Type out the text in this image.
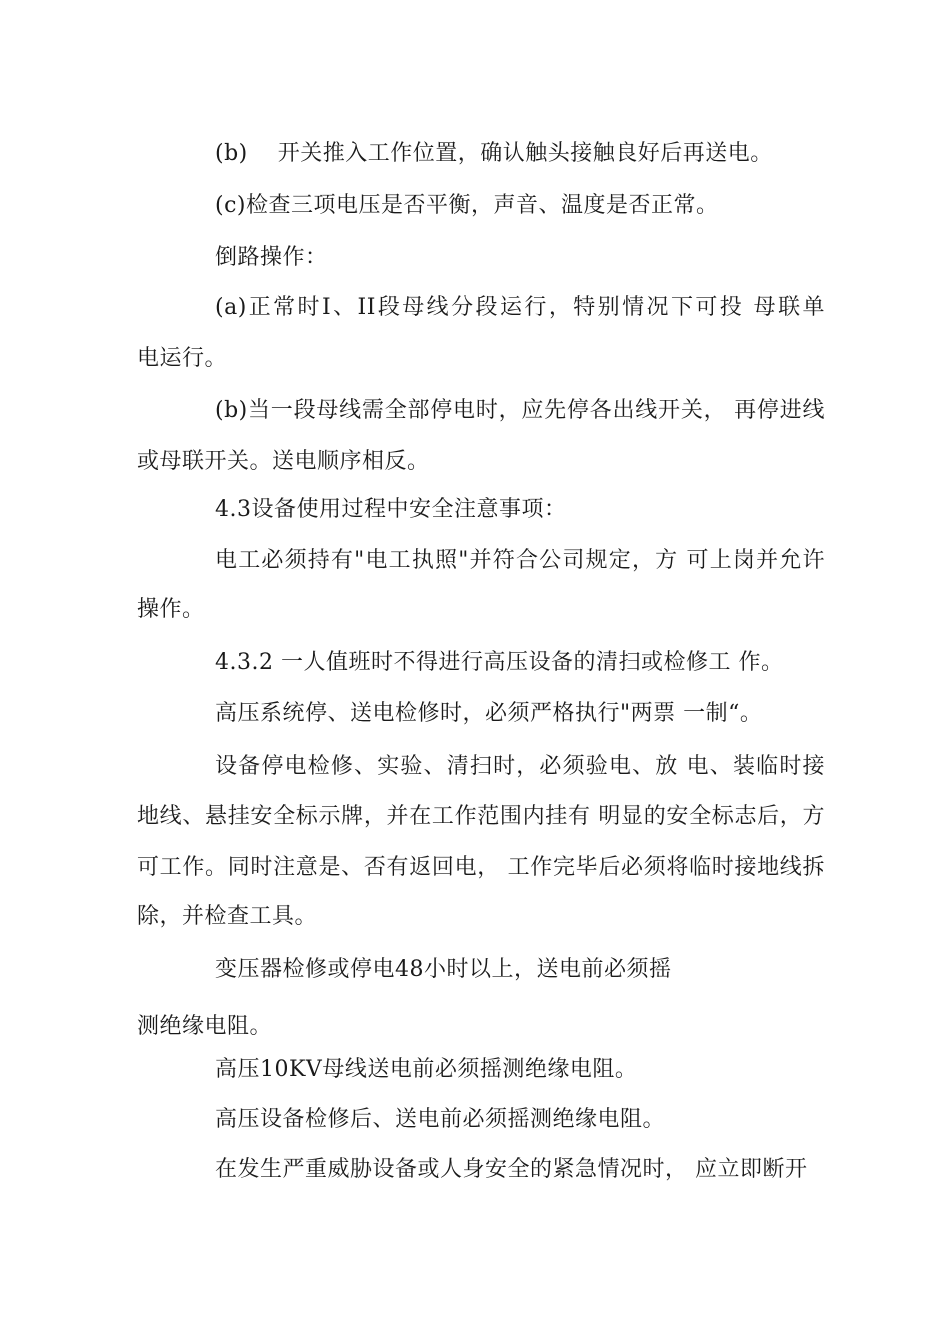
(b)    开关推入工作位置，确认触头接触良好后再送电。
(c)检查三项电压是否平衡，声音、温度是否正常。
倒路操作：
(a)正常时Ⅰ、II段母线分段运行，特别情况下可投 母联单
电运行。
(b)当一段母线需全部停电时，应先停各出线开关， 再停进线
或母联开关。送电顺序相反。
4.3设备使用过程中安全注意事项：
电工必须持有"电工执照"并符合公司规定，方 可上岗并允许
操作。
4.3.2 一人值班时不得进行高压设备的清扫或检修工 作。
高压系统停、送电检修时，必须严格执行"两票 一制“。
设备停电检修、实验、清扫时，必须验电、放 电、装临时接
地线、悬挂安全标示牌，并在工作范围内挂有 明显的安全标志后，方
可工作。同时注意是、否有返回电， 工作完毕后必须将临时接地线拆
除，并检查工具。
变压器检修或停电48小时以上，送电前必须摇
测绝缘电阻。
高压10KV母线送电前必须摇测绝缘电阻。
高压设备检修后、送电前必须摇测绝缘电阻。
在发生严重威胁设备或人身安全的紧急情况时， 应立即断开
